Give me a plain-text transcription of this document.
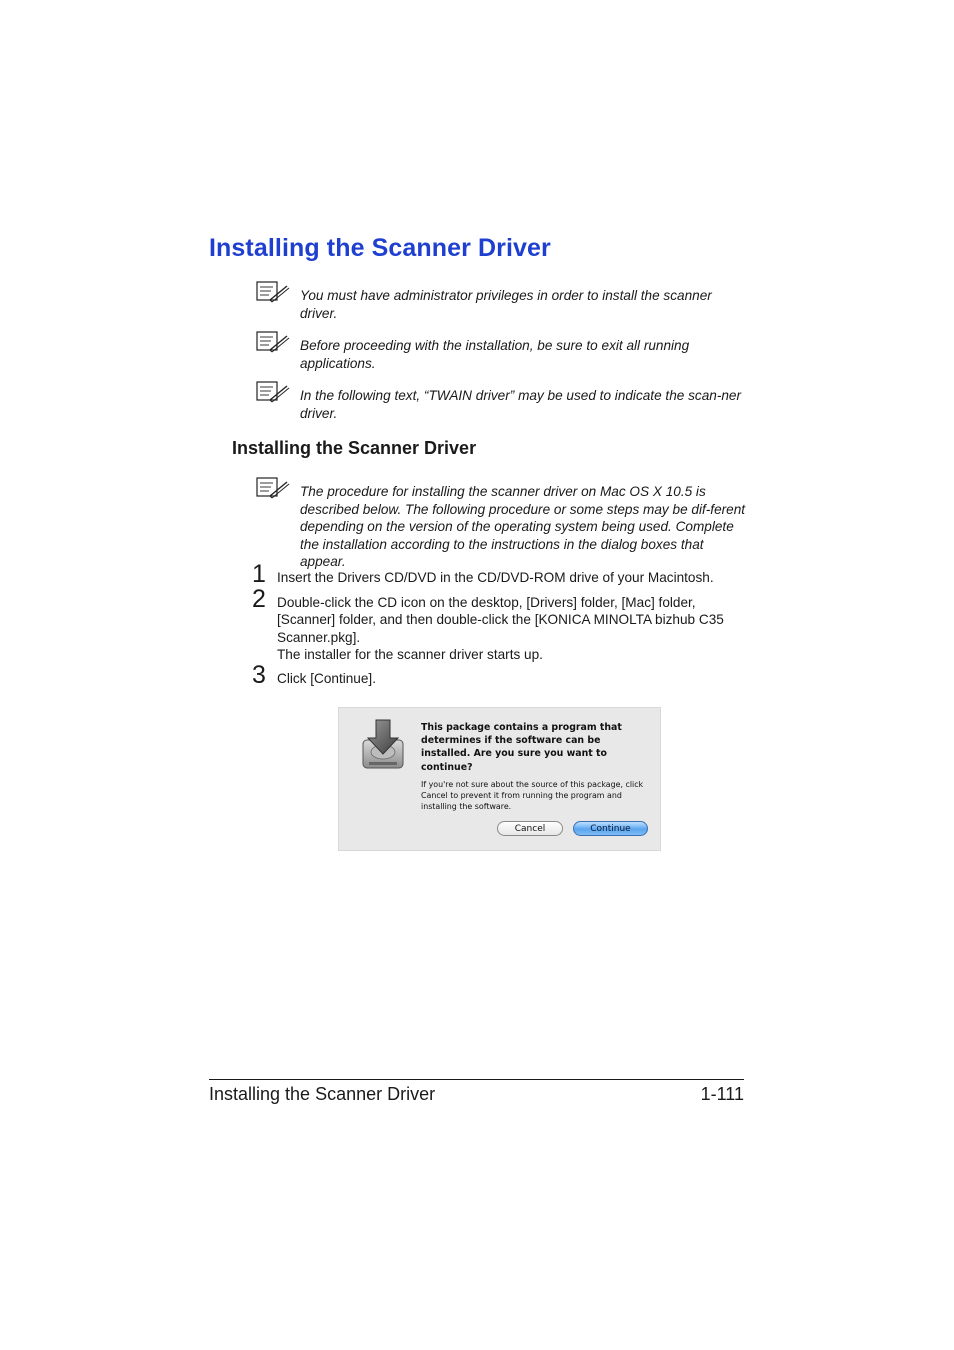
Installing the Scanner Driver
You must have administrator privileges in order to install the scanner driver.
Before proceeding with the installation, be sure to exit all running applications.
In the following text, “TWAIN driver” may be used to indicate the scan-ner driver.
Installing the Scanner Driver
The procedure for installing the scanner driver on Mac OS X 10.5 is described below. The following procedure or some steps may be dif-ferent depending on the version of the operating system being used. Complete the installation according to the instructions in the dialog boxes that appear.
1 Insert the Drivers CD/DVD in the CD/DVD-ROM drive of your Macintosh.
2 Double-click the CD icon on the desktop, [Drivers] folder, [Mac] folder, [Scanner] folder, and then double-click the [KONICA MINOLTA bizhub C35 Scanner.pkg].
The installer for the scanner driver starts up.
3 Click [Continue].
This package contains a program that determines if the software can be installed. Are you sure you want to continue?
If you're not sure about the source of this package, click Cancel to prevent it from running the program and installing the software.
Cancel	Continue
Installing the Scanner Driver	1-111
